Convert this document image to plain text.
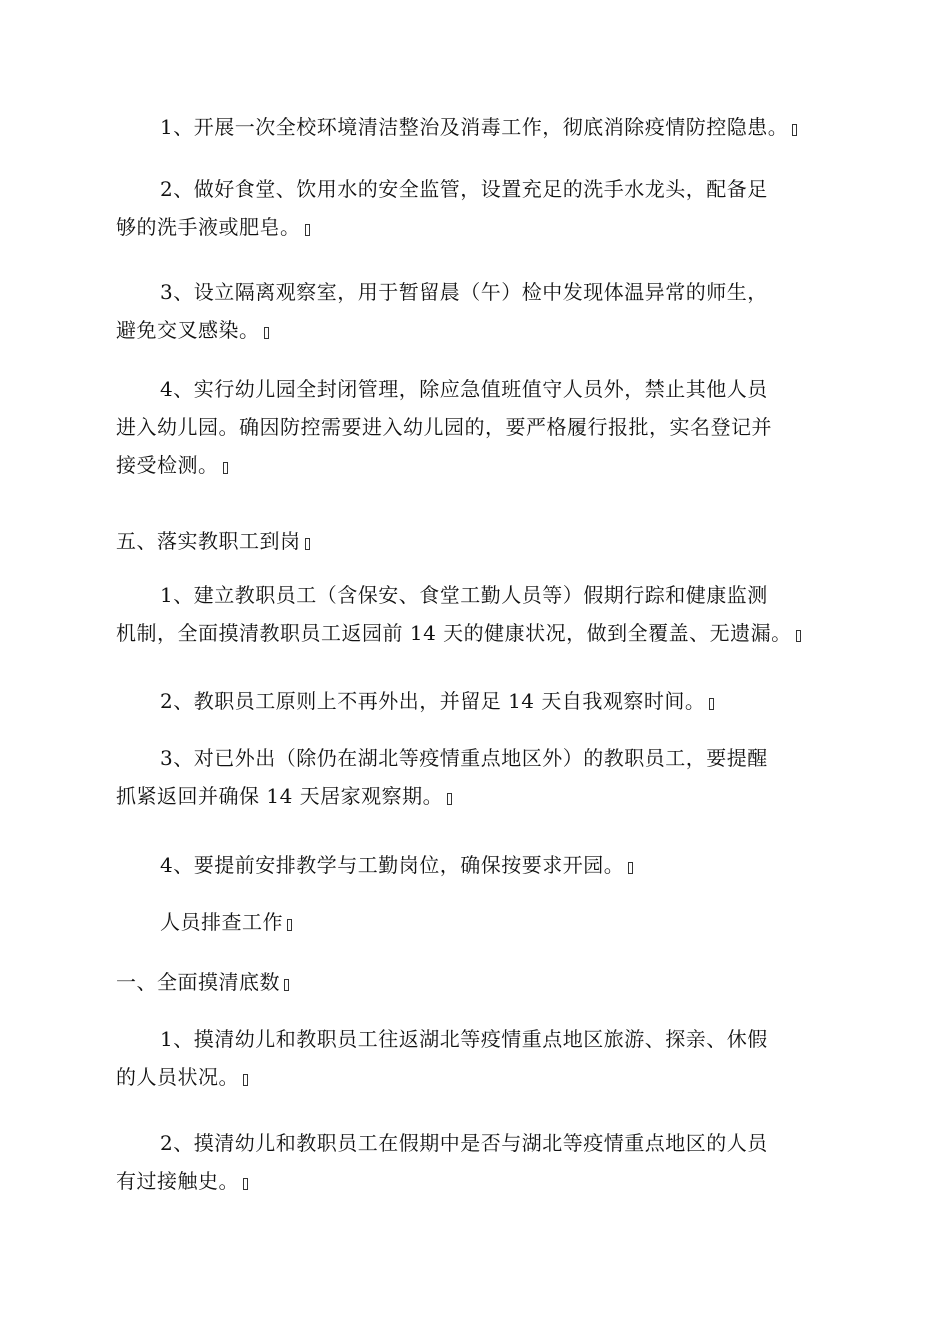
1、开展一次全校环境清洁整治及消毒工作，彻底消除疫情防控隐患。

2、做好食堂、饮用水的安全监管，设置充足的洗手水龙头，配备足
够的洗手液或肥皂。

3、设立隔离观察室，用于暂留晨（午）检中发现体温异常的师生，
避免交叉感染。

4、实行幼儿园全封闭管理，除应急值班值守人员外，禁止其他人员
进入幼儿园。确因防控需要进入幼儿园的，要严格履行报批，实名登记并
接受检测。

五、落实教职工到岗

1、建立教职员工（含保安、食堂工勤人员等）假期行踪和健康监测
机制，全面摸清教职员工返园前 14 天的健康状况，做到全覆盖、无遗漏。

2、教职员工原则上不再外出，并留足 14 天自我观察时间。

3、对已外出（除仍在湖北等疫情重点地区外）的教职员工，要提醒
抓紧返回并确保 14 天居家观察期。

4、要提前安排教学与工勤岗位，确保按要求开园。

人员排查工作

一、全面摸清底数

1、摸清幼儿和教职员工往返湖北等疫情重点地区旅游、探亲、休假
的人员状况。

2、摸清幼儿和教职员工在假期中是否与湖北等疫情重点地区的人员
有过接触史。
